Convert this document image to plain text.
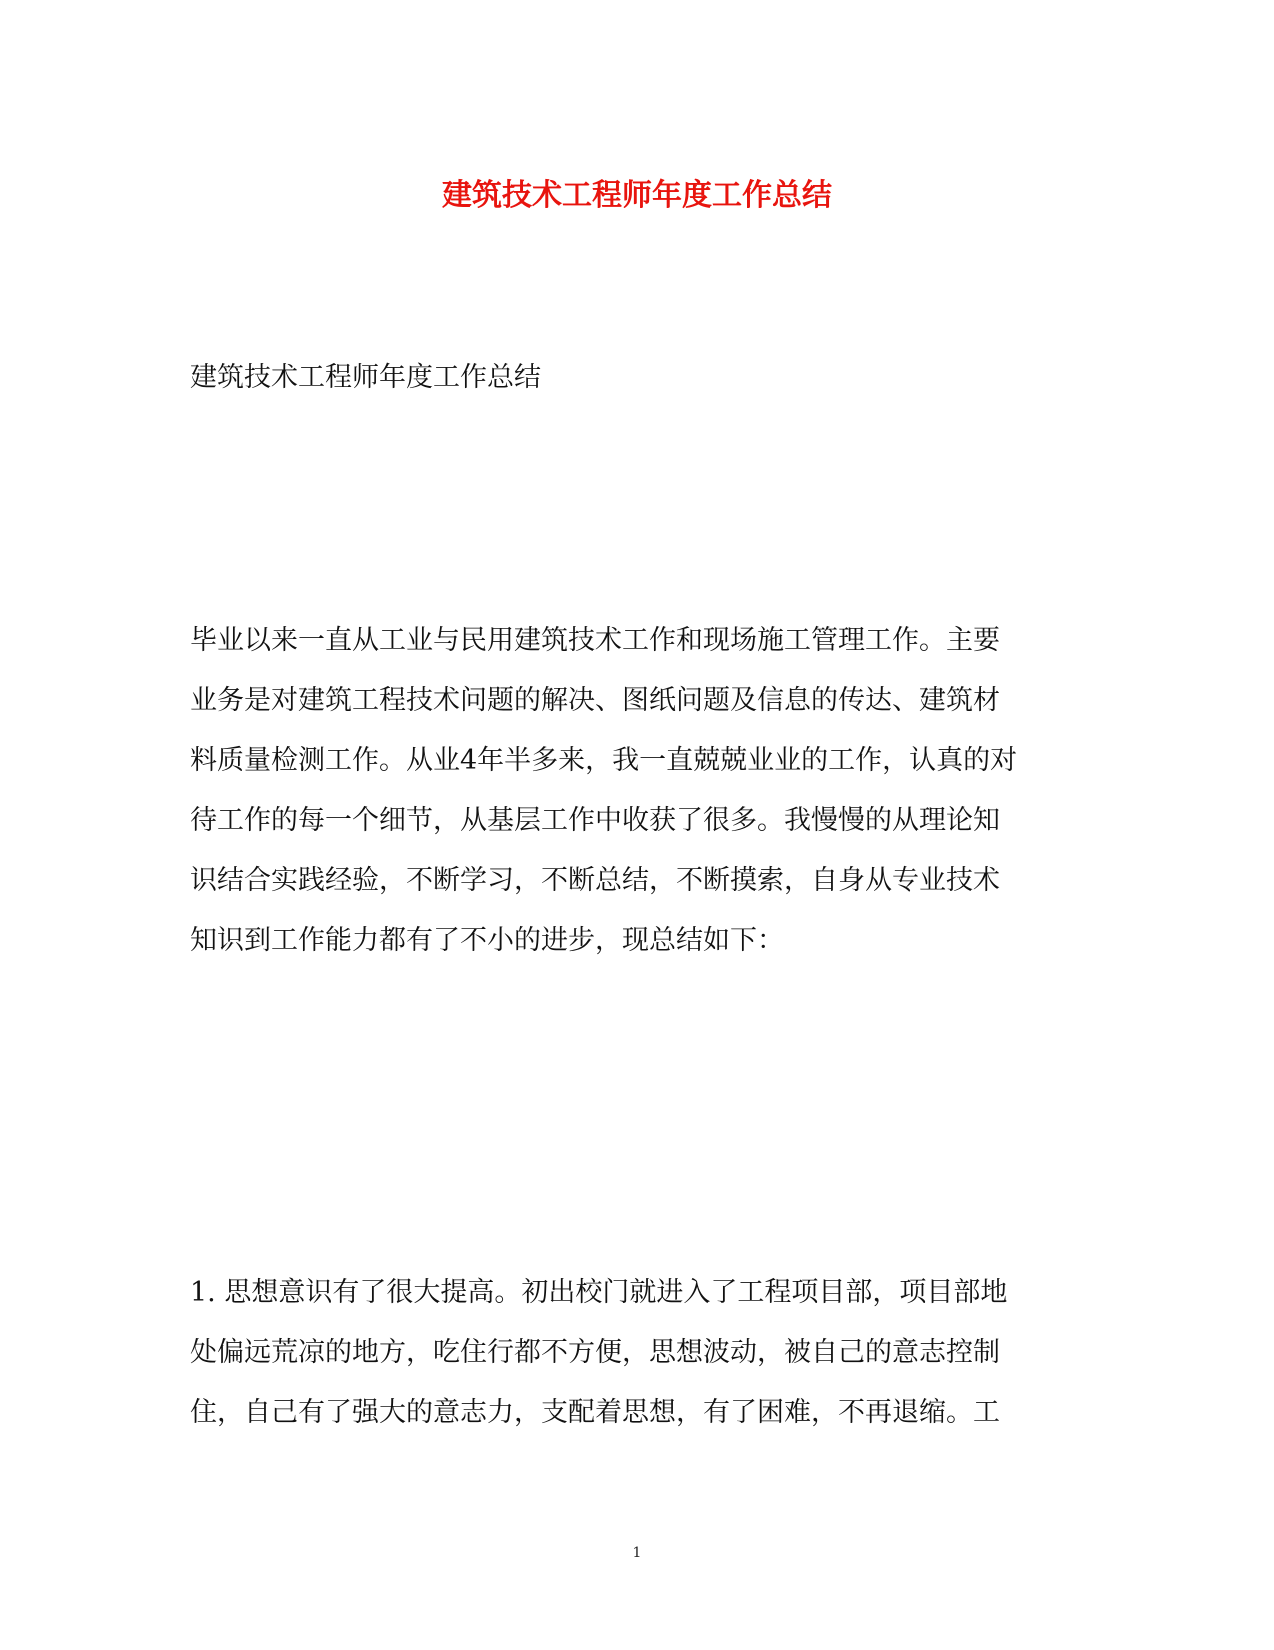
建筑技术工程师年度工作总结

建筑技术工程师年度工作总结

毕业以来一直从工业与民用建筑技术工作和现场施工管理工作。主要
业务是对建筑工程技术问题的解决、图纸问题及信息的传达、建筑材
料质量检测工作。从业4年半多来，我一直兢兢业业的工作，认真的对
待工作的每一个细节，从基层工作中收获了很多。我慢慢的从理论知
识结合实践经验，不断学习，不断总结，不断摸索，自身从专业技术
知识到工作能力都有了不小的进步，现总结如下：
1. 思想意识有了很大提高。初出校门就进入了工程项目部，项目部地
处偏远荒凉的地方，吃住行都不方便，思想波动，被自己的意志控制
住，自己有了强大的意志力，支配着思想，有了困难，不再退缩。工
1
